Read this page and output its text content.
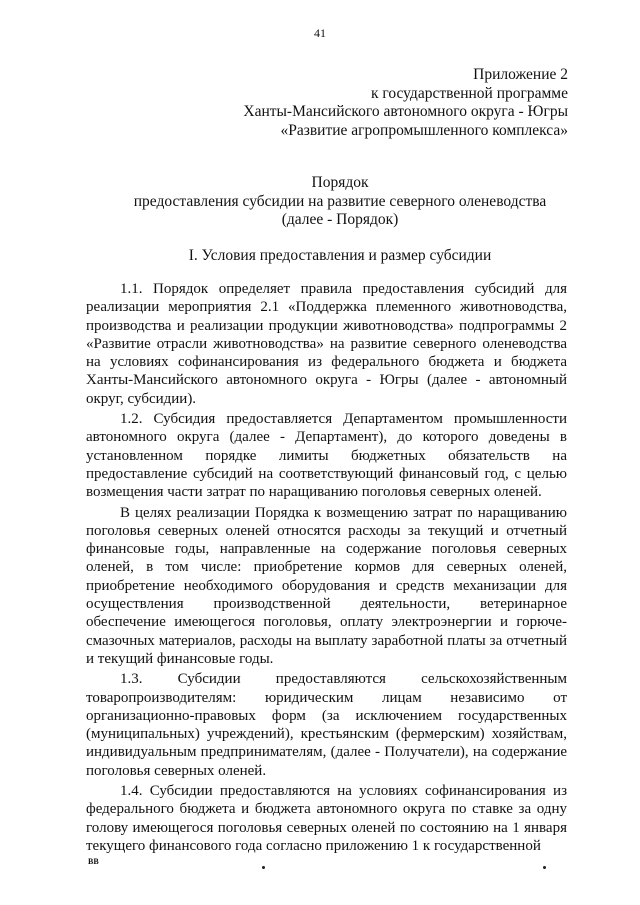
41
Приложение 2
к государственной программе
Ханты-Мансийского автономного округа - Югры
«Развитие агропромышленного комплекса»
Порядок
предоставления субсидии на развитие северного оленеводства
(далее - Порядок)
I. Условия предоставления и размер субсидии

1.1. Порядок определяет правила предоставления субсидий для реализации мероприятия 2.1 «Поддержка племенного животноводства, производства и реализации продукции животноводства» подпрограммы 2 «Развитие отрасли животноводства» на развитие северного оленеводства на условиях софинансирования из федерального бюджета и бюджета Ханты-Мансийского автономного округа - Югры (далее - автономный округ, субсидии).

1.2. Субсидия предоставляется Департаментом промышленности автономного округа (далее - Департамент), до которого доведены в установленном порядке лимиты бюджетных обязательств на предоставление субсидий на соответствующий финансовый год, с целью возмещения части затрат по наращиванию поголовья северных оленей.

В целях реализации Порядка к возмещению затрат по наращиванию поголовья северных оленей относятся расходы за текущий и отчетный финансовые годы, направленные на содержание поголовья северных оленей, в том числе: приобретение кормов для северных оленей, приобретение необходимого оборудования и средств механизации для осуществления производственной деятельности, ветеринарное обеспечение имеющегося поголовья, оплату электроэнергии и горюче-смазочных материалов, расходы на выплату заработной платы за отчетный и текущий финансовые годы.

1.3. Субсидии предоставляются сельскохозяйственным товаропроизводителям: юридическим лицам независимо от организационно-правовых форм (за исключением государственных (муниципальных) учреждений), крестьянским (фермерским) хозяйствам, индивидуальным предпринимателям, (далее - Получатели), на содержание поголовья северных оленей.

1.4. Субсидии предоставляются на условиях софинансирования из федерального бюджета и бюджета автономного округа по ставке за одну голову имеющегося поголовья северных оленей по состоянию на 1 января текущего финансового года согласно приложению 1 к государственной

ВВ
